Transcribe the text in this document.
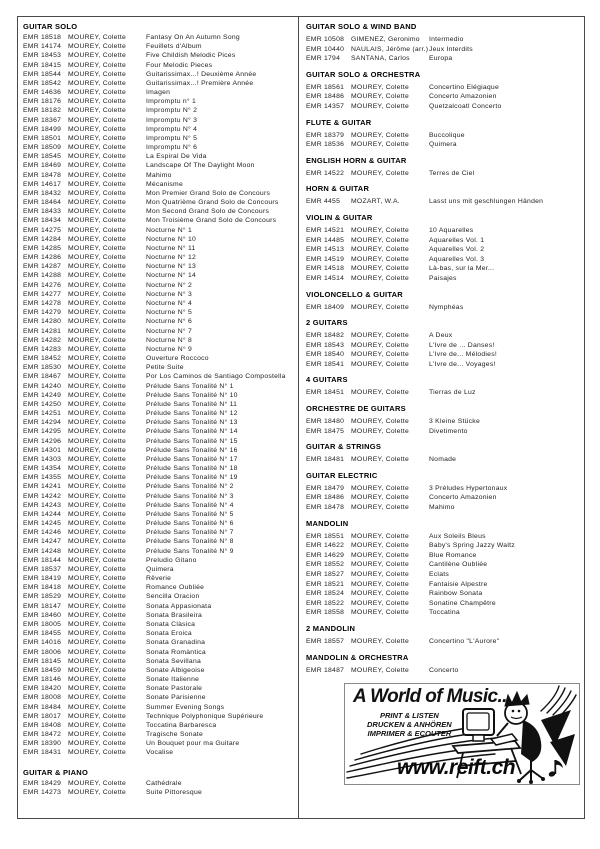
GUITAR SOLO
EMR 18518	MOUREY, Colette	Fantasy On An Autumn Song
EMR 14174	MOUREY, Colette	Feuillets d'Album
EMR 18453	MOUREY, Colette	Five Childish Melodic Pices
EMR 18415	MOUREY, Colette	Four Melodic Pieces
EMR 18544	MOUREY, Colette	Guitarissimax...! Deuxième Année
EMR 18542	MOUREY, Colette	Guitarissimax...! Première Année
EMR 14636	MOUREY, Colette	Imagen
EMR 18176	MOUREY, Colette	Impromptu n° 1
EMR 18182	MOUREY, Colette	Impromptu N° 2
EMR 18367	MOUREY, Colette	Impromptu N° 3
EMR 18499	MOUREY, Colette	Impromptu N° 4
EMR 18501	MOUREY, Colette	Impromptu N° 5
EMR 18509	MOUREY, Colette	Impromptu N° 6
EMR 18545	MOUREY, Colette	La Espiral De Vida
EMR 18469	MOUREY, Colette	Landscape Of The Daylight Moon
EMR 18478	MOUREY, Colette	Mahimo
EMR 14617	MOUREY, Colette	Mécanisme
EMR 18432	MOUREY, Colette	Mon Premier Grand Solo de Concours
EMR 18464	MOUREY, Colette	Mon Quatrième Grand Solo de Concours
EMR 18433	MOUREY, Colette	Mon Second Grand Solo de Concours
EMR 18434	MOUREY, Colette	Mon Troisième Grand Solo de Concours
EMR 14275	MOUREY, Colette	Nocturne N° 1
EMR 14284	MOUREY, Colette	Nocturne N° 10
EMR 14285	MOUREY, Colette	Nocturne N° 11
EMR 14286	MOUREY, Colette	Nocturne N° 12
EMR 14287	MOUREY, Colette	Nocturne N° 13
EMR 14288	MOUREY, Colette	Nocturne N° 14
EMR 14276	MOUREY, Colette	Nocturne N° 2
EMR 14277	MOUREY, Colette	Nocturne N° 3
EMR 14278	MOUREY, Colette	Nocturne N° 4
EMR 14279	MOUREY, Colette	Nocturne N° 5
EMR 14280	MOUREY, Colette	Nocturne N° 6
EMR 14281	MOUREY, Colette	Nocturne N° 7
EMR 14282	MOUREY, Colette	Nocturne N° 8
EMR 14283	MOUREY, Colette	Nocturne N° 9
EMR 18452	MOUREY, Colette	Ouverture Roccoco
EMR 18530	MOUREY, Colette	Petite Suite
EMR 18467	MOUREY, Colette	Por Los Caminos de Santiago Compostella
EMR 14240	MOUREY, Colette	Prélude Sans Tonalité N° 1
EMR 14249	MOUREY, Colette	Prélude Sans Tonalité N° 10
EMR 14250	MOUREY, Colette	Prélude Sans Tonalité N° 11
EMR 14251	MOUREY, Colette	Prélude Sans Tonalité N° 12
EMR 14294	MOUREY, Colette	Prélude Sans Tonalité N° 13
EMR 14295	MOUREY, Colette	Prélude Sans Tonalité N° 14
EMR 14296	MOUREY, Colette	Prélude Sans Tonalité N° 15
EMR 14301	MOUREY, Colette	Prélude Sans Tonalité N° 16
EMR 14303	MOUREY, Colette	Prélude Sans Tonalité N° 17
EMR 14354	MOUREY, Colette	Prélude Sans Tonalité N° 18
EMR 14355	MOUREY, Colette	Prélude Sans Tonalité N° 19
EMR 14241	MOUREY, Colette	Prélude Sans Tonalité N° 2
EMR 14242	MOUREY, Colette	Prélude Sans Tonalité N° 3
EMR 14243	MOUREY, Colette	Prélude Sans Tonalité N° 4
EMR 14244	MOUREY, Colette	Prélude Sans Tonalité N° 5
EMR 14245	MOUREY, Colette	Prélude Sans Tonalité N° 6
EMR 14246	MOUREY, Colette	Prélude Sans Tonalité N° 7
EMR 14247	MOUREY, Colette	Prélude Sans Tonalité N° 8
EMR 14248	MOUREY, Colette	Prélude Sans Tonalité N° 9
EMR 18144	MOUREY, Colette	Preludio Gitano
EMR 18537	MOUREY, Colette	Quimera
EMR 18419	MOUREY, Colette	Rêverie
EMR 18418	MOUREY, Colette	Romance Oubliée
EMR 18529	MOUREY, Colette	Sencilla Oracion
EMR 18147	MOUREY, Colette	Sonata Appasionata
EMR 18460	MOUREY, Colette	Sonata Brasileira
EMR 18005	MOUREY, Colette	Sonata Clàsica
EMR 18455	MOUREY, Colette	Sonata Eroica
EMR 14016	MOUREY, Colette	Sonata Granadina
EMR 18006	MOUREY, Colette	Sonata Romàntica
EMR 18145	MOUREY, Colette	Sonata Sevillana
EMR 18459	MOUREY, Colette	Sonate Albigeoise
EMR 18146	MOUREY, Colette	Sonate Italienne
EMR 18420	MOUREY, Colette	Sonate Pastorale
EMR 18008	MOUREY, Colette	Sonate Parisienne
EMR 18484	MOUREY, Colette	Summer Evening Songs
EMR 18017	MOUREY, Colette	Technique Polyphonique Supérieure
EMR 18408	MOUREY, Colette	Toccatina Barbaresca
EMR 18472	MOUREY, Colette	Tragische Sonate
EMR 18390	MOUREY, Colette	Un Bouquet pour ma Guitare
EMR 18431	MOUREY, Colette	Vocalise
GUITAR & PIANO
EMR 18429	MOUREY, Colette	Cathédrale
EMR 14273	MOUREY, Colette	Suite Pittoresque
GUITAR SOLO & WIND BAND
EMR 10508	GIMENEZ, Geronimo	Intermedio
EMR 10440	NAULAIS, Jérôme (arr.) Jeux Interdits
EMR 1794	SANTANA, Carlos	Europa
GUITAR SOLO & ORCHESTRA
EMR 18561	MOUREY, Colette	Concertino Elégiaque
EMR 18486	MOUREY, Colette	Concerto Amazonien
EMR 14357	MOUREY, Colette	Quetzalcoatl Concerto
FLUTE & GUITAR
EMR 18379	MOUREY, Colette	Buccolique
EMR 18536	MOUREY, Colette	Quimera
ENGLISH HORN & GUITAR
EMR 14522	MOUREY, Colette	Terres de Ciel
HORN & GUITAR
EMR 4455	MOZART, W.A.	Lasst uns mit geschlungen Händen
VIOLIN & GUITAR
EMR 14521	MOUREY, Colette	10 Aquarelles
EMR 14485	MOUREY, Colette	Aquarelles Vol. 1
EMR 14513	MOUREY, Colette	Aquarelles Vol. 2
EMR 14519	MOUREY, Colette	Aquarelles Vol. 3
EMR 14518	MOUREY, Colette	Là-bas, sur la Mer...
EMR 14514	MOUREY, Colette	Paisajes
VIOLONCELLO & GUITAR
EMR 18409	MOUREY, Colette	Nymphéas
2 GUITARS
EMR 18482	MOUREY, Colette	A Deux
EMR 18543	MOUREY, Colette	L'Ivre de ... Danses!
EMR 18540	MOUREY, Colette	L'Ivre de... Mélodies!
EMR 18541	MOUREY, Colette	L'Ivre de... Voyages!
4 GUITARS
EMR 18451	MOUREY, Colette	Tierras de Luz
ORCHESTRE DE GUITARS
EMR 18480	MOUREY, Colette	3 Kleine Stücke
EMR 18475	MOUREY, Colette	Divetimento
GUITAR & STRINGS
EMR 18481	MOUREY, Colette	Nomade
GUITAR ELECTRIC
EMR 18479	MOUREY, Colette	3 Préludes Hypertonaux
EMR 18486	MOUREY, Colette	Concerto Amazonien
EMR 18478	MOUREY, Colette	Mahimo
MANDOLIN
EMR 18551	MOUREY, Colette	Aux Soleils Bleus
EMR 14622	MOUREY, Colette	Baby's Spring Jazzy Waltz
EMR 14629	MOUREY, Colette	Blue Romance
EMR 18552	MOUREY, Colette	Cantilène Oubliée
EMR 18527	MOUREY, Colette	Eclats
EMR 18521	MOUREY, Colette	Fantaisie Alpestre
EMR 18524	MOUREY, Colette	Rainbow Sonata
EMR 18522	MOUREY, Colette	Sonatine Champêtre
EMR 18558	MOUREY, Colette	Toccatina
2 MANDOLIN
EMR 18557	MOUREY, Colette	Concertino "L'Aurore"
MANDOLIN & ORCHESTRA
EMR 18487	MOUREY, Colette	Concerto
A World of Music...
PRINT & LISTEN
DRUCKEN & ANHÖREN
IMPRIMER & ECOUTER
www.reift.ch
